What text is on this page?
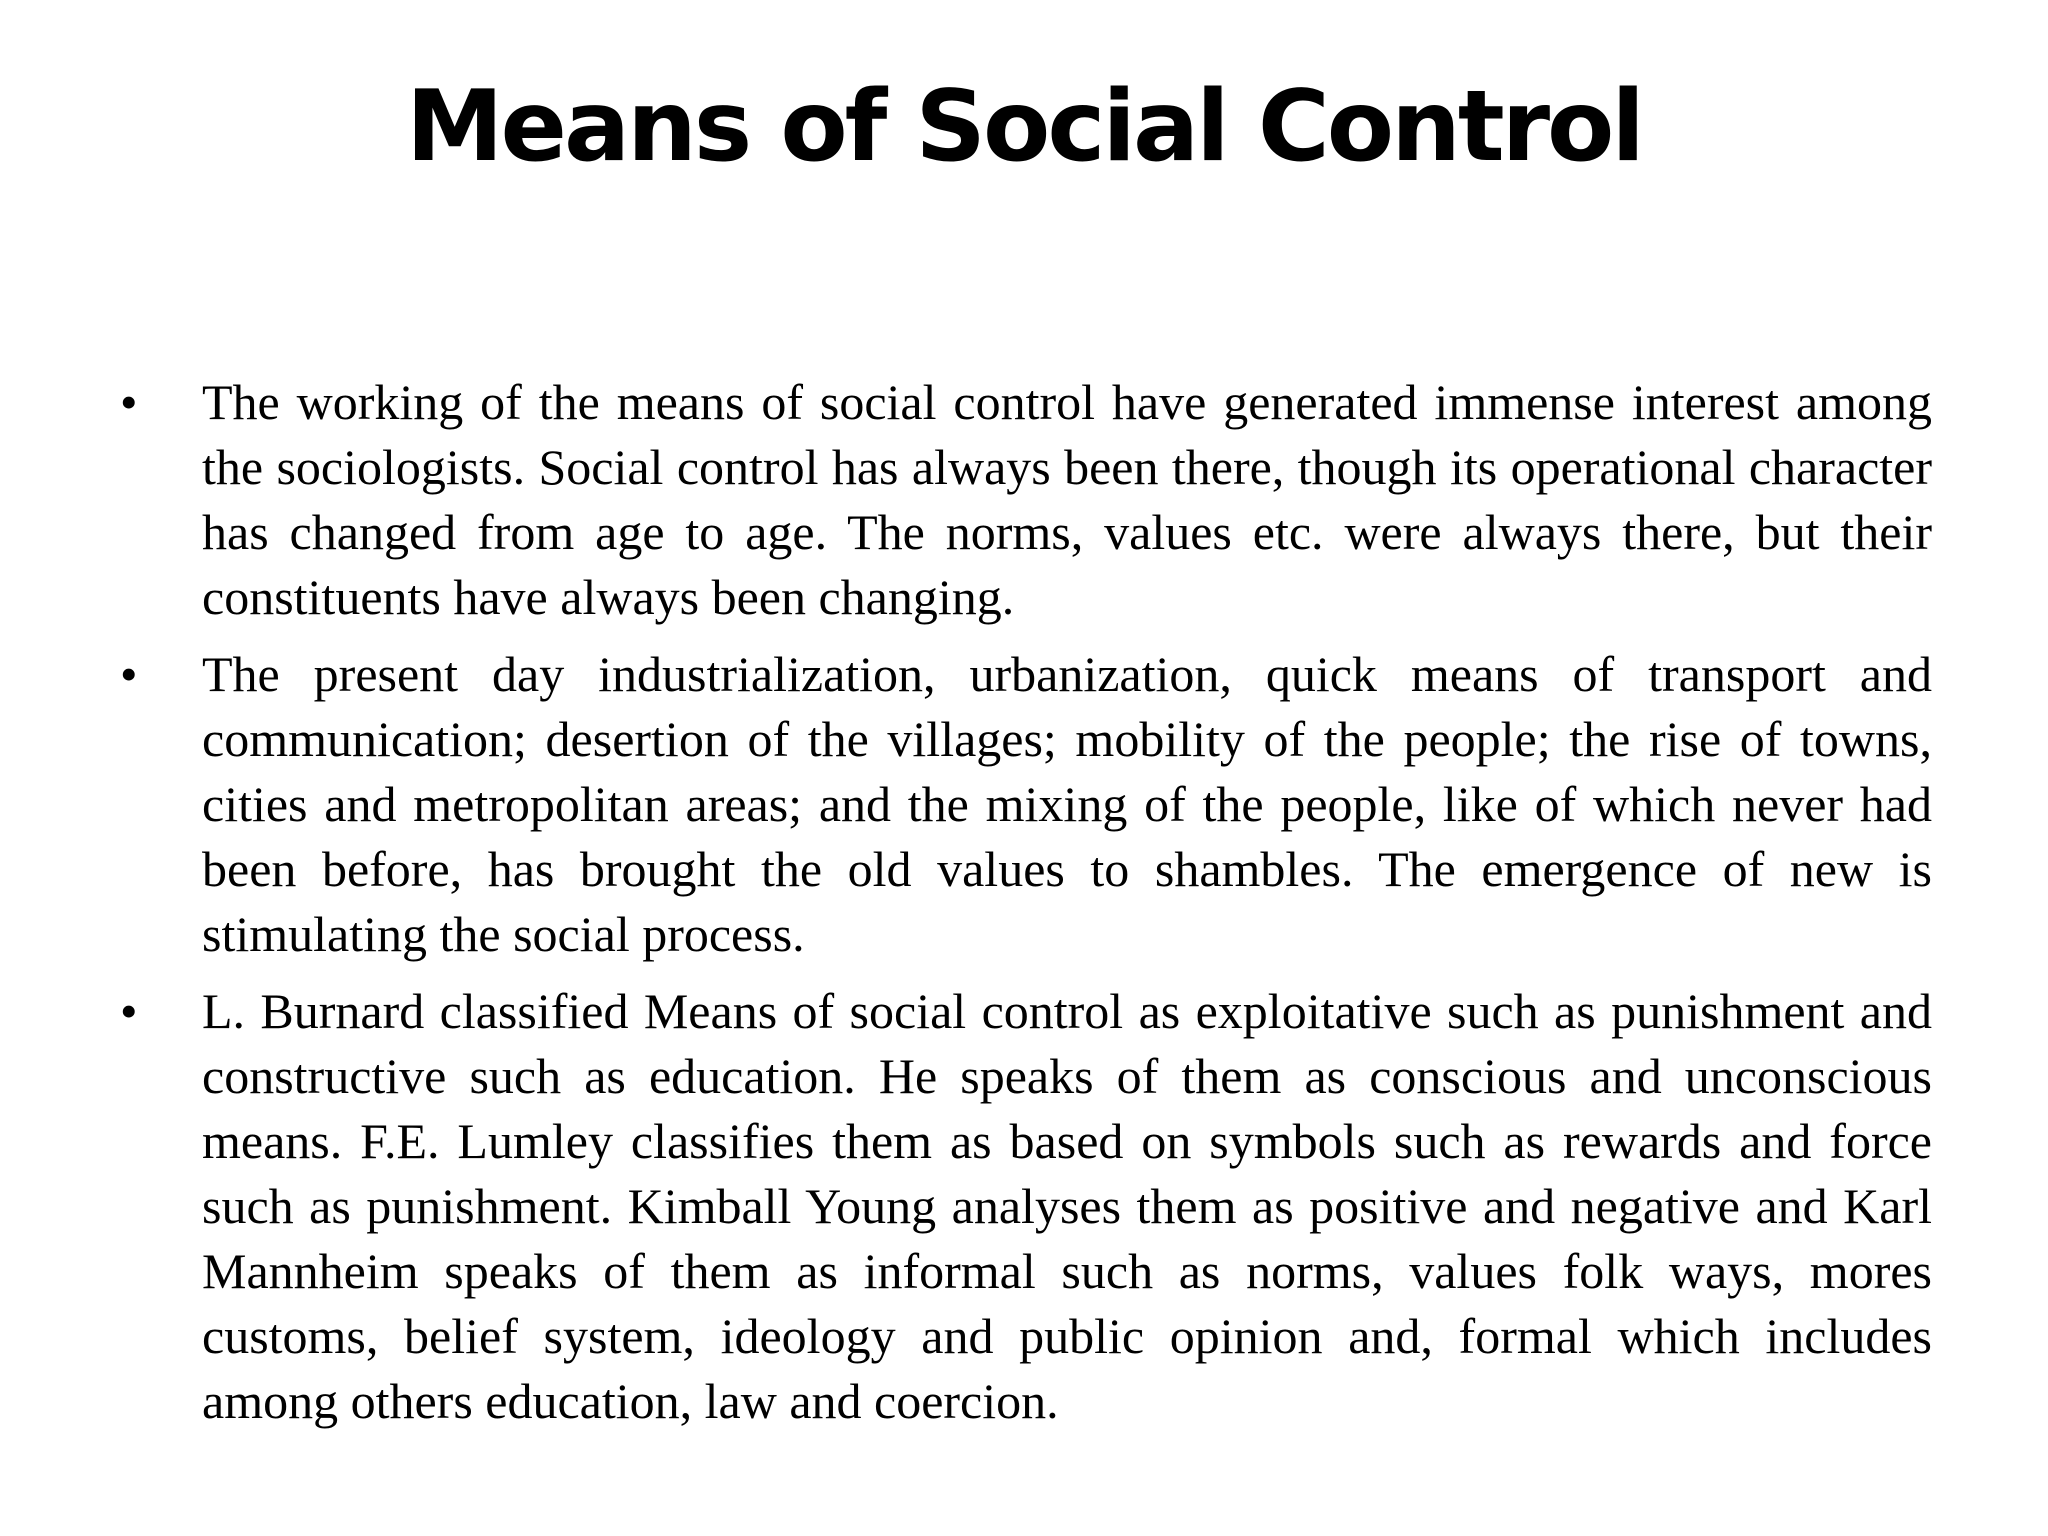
Means of Social Control
• The working of the means of social control have generated immense interest among the sociologists. Social control has always been there, though its operational character has changed from age to age. The norms, values etc. were always there, but their constituents have always been changing.
• The present day industrialization, urbanization, quick means of transport and communication; desertion of the villages; mobility of the people; the rise of towns, cities and metropolitan areas; and the mixing of the people, like of which never had been before, has brought the old values to shambles. The emergence of new is stimulating the social process.
• L. Burnard classified Means of social control as exploitative such as punishment and constructive such as education. He speaks of them as conscious and unconscious means. F.E. Lumley classifies them as based on symbols such as rewards and force such as punishment. Kimball Young analyses them as positive and negative and Karl Mannheim speaks of them as informal such as norms, values folk ways, mores customs, belief system, ideology and public opinion and, formal which includes among others education, law and coercion.
